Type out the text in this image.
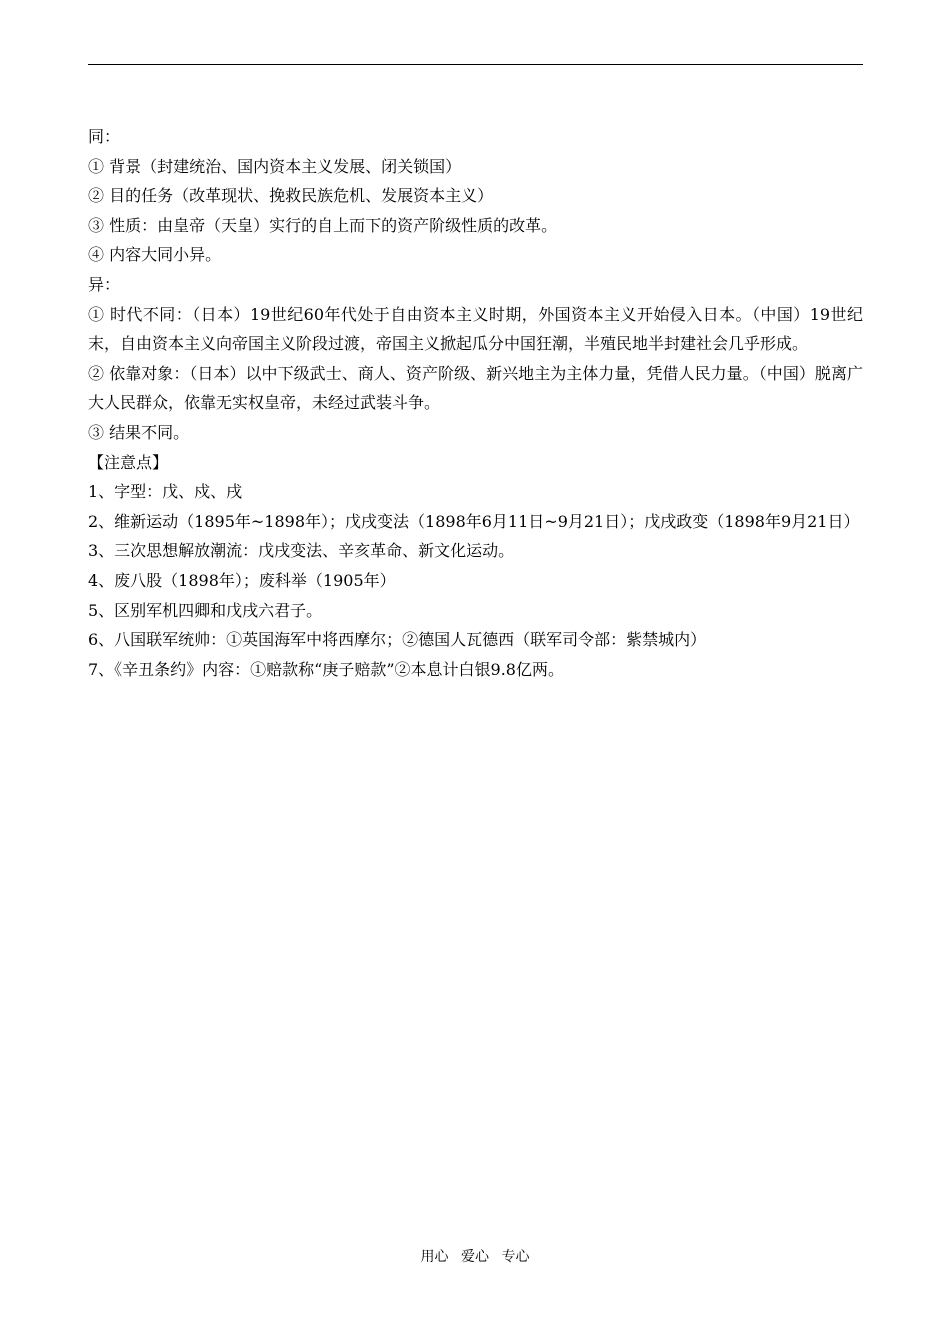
同：
① 背景（封建统治、国内资本主义发展、闭关锁国）
② 目的任务（改革现状、挽救民族危机、发展资本主义）
③ 性质：由皇帝（天皇）实行的自上而下的资产阶级性质的改革。
④ 内容大同小异。
异：
① 时代不同：（日本）19世纪60年代处于自由资本主义时期，外国资本主义开始侵入日本。（中国）19世纪末，自由资本主义向帝国主义阶段过渡，帝国主义掀起瓜分中国狂潮，半殖民地半封建社会几乎形成。
② 依靠对象：（日本）以中下级武士、商人、资产阶级、新兴地主为主体力量，凭借人民力量。（中国）脱离广大人民群众，依靠无实权皇帝，未经过武装斗争。
③ 结果不同。
【注意点】
1、字型：戊、戍、戌
2、维新运动（1895年~1898年）；戊戌变法（1898年6月11日~9月21日）；戊戌政变（1898年9月21日）
3、三次思想解放潮流：戊戌变法、辛亥革命、新文化运动。
4、废八股（1898年）；废科举（1905年）
5、区别军机四卿和戊戌六君子。
6、八国联军统帅：①英国海军中将西摩尔；②德国人瓦德西（联军司令部：紫禁城内）
7、《辛丑条约》内容：①赔款称“庚子赔款”②本息计白银9.8亿两。
用心 爱心 专心
